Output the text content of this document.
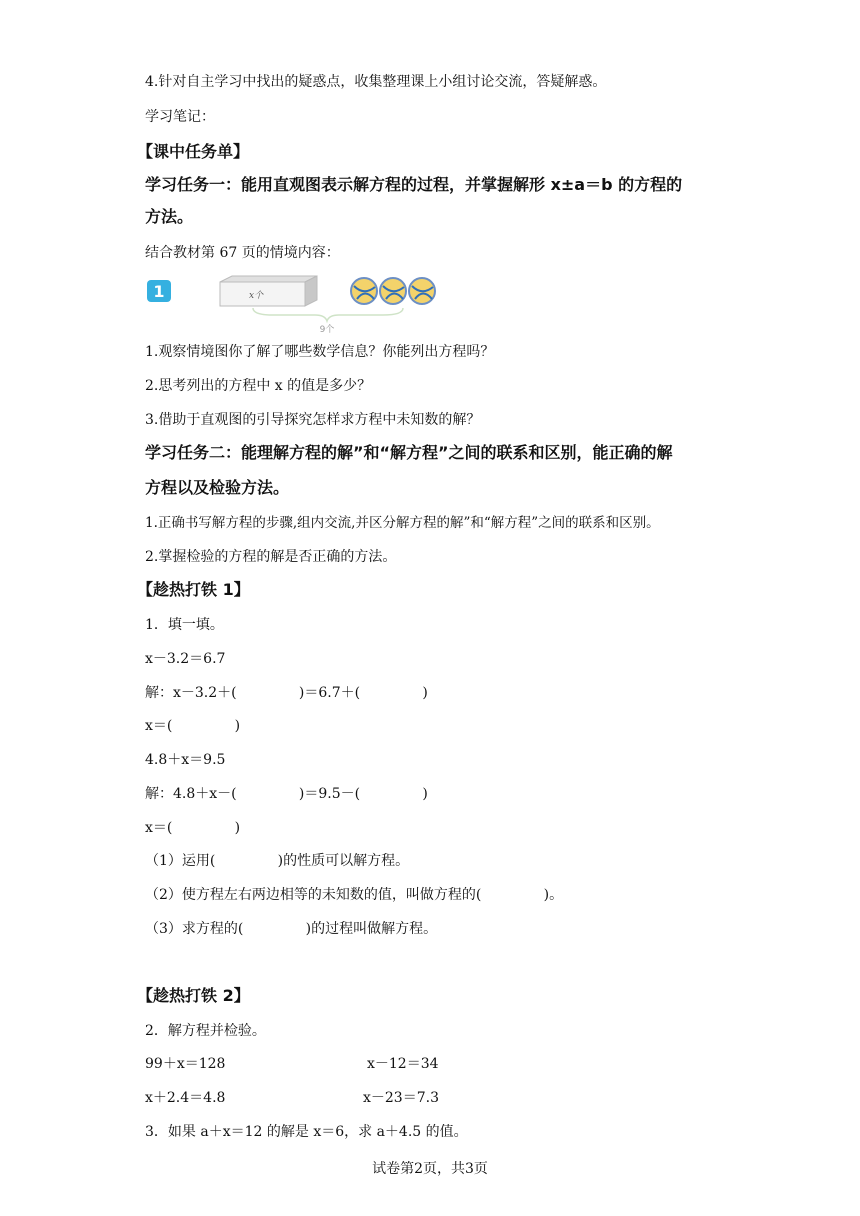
4.针对自主学习中找出的疑惑点，收集整理课上小组讨论交流，答疑解惑。
学习笔记：
【课中任务单】
学习任务一：能用直观图表示解方程的过程，并掌握解形 x±a＝b 的方程的
方法。
结合教材第 67 页的情境内容：
1	x个
9个
1.观察情境图你了解了哪些数学信息？你能列出方程吗？
2.思考列出的方程中 x 的值是多少？
3.借助于直观图的引导探究怎样求方程中未知数的解？
学习任务二：能理解方程的解”和“解方程”之间的联系和区别，能正确的解
方程以及检验方法。
1.正确书写解方程的步骤,组内交流,并区分解方程的解”和“解方程”之间的联系和区别。
2.掌握检验的方程的解是否正确的方法。
【趁热打铁 1】
1．填一填。
x－3.2＝6.7
解：x－3.2＋(              )＝6.7＋(              )
x＝(              )
4.8＋x＝9.5
解：4.8＋x－(              )＝9.5－(              )
x＝(              )
（1）运用(              )的性质可以解方程。
（2）使方程左右两边相等的未知数的值，叫做方程的(              )。
（3）求方程的(              )的过程叫做解方程。
【趁热打铁 2】
2．解方程并检验。
99＋x＝128	x－12＝34
x＋2.4＝4.8	x－23＝7.3
3．如果 a＋x＝12 的解是 x＝6，求 a＋4.5 的值。
试卷第2页，共3页
